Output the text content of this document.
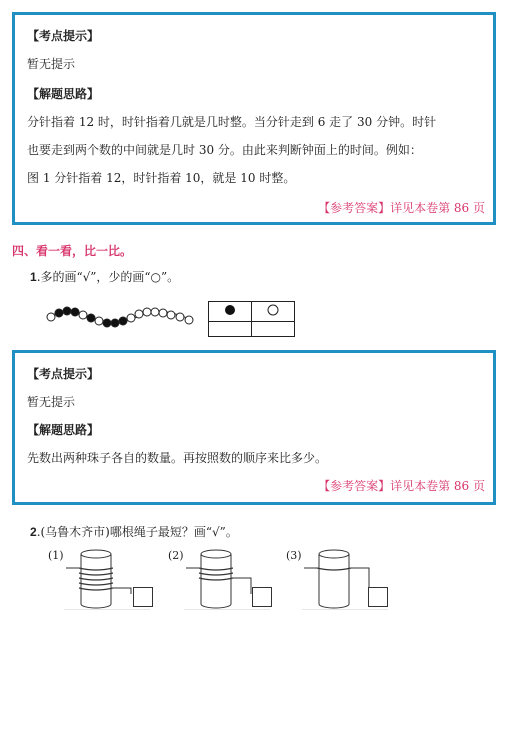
【考点提示】
暂无提示
【解题思路】
分针指着 12 时，时针指着几就是几时整。当分针走到 6 走了 30 分钟。时针
也要走到两个数的中间就是几时 30 分。由此来判断钟面上的时间。例如：
图 1 分针指着 12，时针指着 10，就是 10 时整。
【参考答案】详见本卷第 86 页
四、看一看，比一比。
1.多的画“√”，少的画“○”。

【考点提示】
暂无提示
【解题思路】
先数出两种珠子各自的数量。再按照数的顺序来比多少。
【参考答案】详见本卷第 86 页
2.(乌鲁木齐市)哪根绳子最短？画“√”。
(1)	(2)	(3)
